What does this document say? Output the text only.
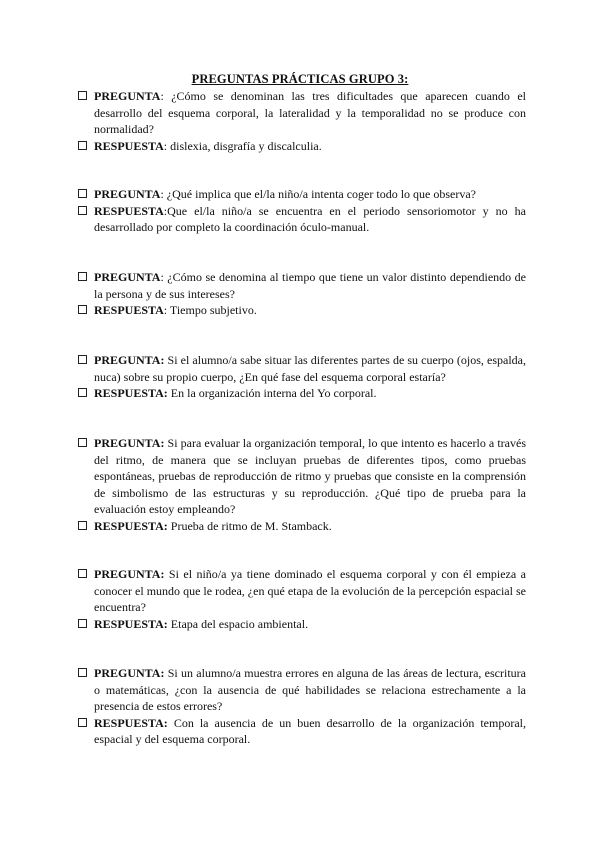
PREGUNTAS PRÁCTICAS GRUPO 3:

PREGUNTA: ¿Cómo se denominan las tres dificultades que aparecen cuando el desarrollo del esquema corporal, la lateralidad y la temporalidad no se produce con normalidad?

RESPUESTA: dislexia, disgrafía y discalculia.

PREGUNTA: ¿Qué implica que el/la niño/a intenta coger todo lo que observa?

RESPUESTA:Que el/la niño/a se encuentra en el periodo sensoriomotor y no ha desarrollado por completo la coordinación óculo-manual.

PREGUNTA: ¿Cómo se denomina al tiempo que tiene un valor distinto dependiendo de la persona y de sus intereses?

RESPUESTA: Tiempo subjetivo.

PREGUNTA: Si el alumno/a sabe situar las diferentes partes de su cuerpo (ojos, espalda, nuca) sobre su propio cuerpo, ¿En qué fase del esquema corporal estaría?

RESPUESTA: En la organización interna del Yo corporal.

PREGUNTA: Si para evaluar la organización temporal, lo que intento es hacerlo a través del ritmo, de manera que se incluyan pruebas de diferentes tipos, como pruebas espontáneas, pruebas de reproducción de ritmo y pruebas que consiste en la comprensión de simbolismo de las estructuras y su reproducción. ¿Qué tipo de prueba para la evaluación estoy empleando?

RESPUESTA: Prueba de ritmo de M. Stamback.

PREGUNTA: Si el niño/a ya tiene dominado el esquema corporal y con él empieza a conocer el mundo que le rodea, ¿en qué etapa de la evolución de la percepción espacial se encuentra?

RESPUESTA: Etapa del espacio ambiental.

PREGUNTA: Si un alumno/a muestra errores en alguna de las áreas de lectura, escritura o matemáticas, ¿con la ausencia de qué habilidades se relaciona estrechamente a la presencia de estos errores?

RESPUESTA: Con la ausencia de un buen desarrollo de la organización temporal, espacial y del esquema corporal.
